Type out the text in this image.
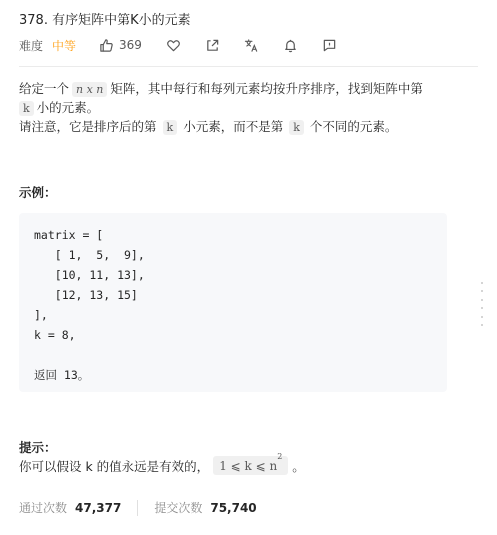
378. 有序矩阵中第K小的元素
难度 中等	369

给定一个 n x n 矩阵，其中每行和每列元素均按升序排序，找到矩阵中第
k 小的元素。

请注意，它是排序后的第 k 小元素，而不是第 k 个不同的元素。

示例：
matrix = [
[ 1,  5,  9],
[10, 11, 13],
[12, 13, 15]
],
k = 8,

返回 13。
提示：
你可以假设 k 的值永远是有效的， 1 ⩽ k ⩽ $n^2$
。
通过次数 47,377	提交次数 75,740
